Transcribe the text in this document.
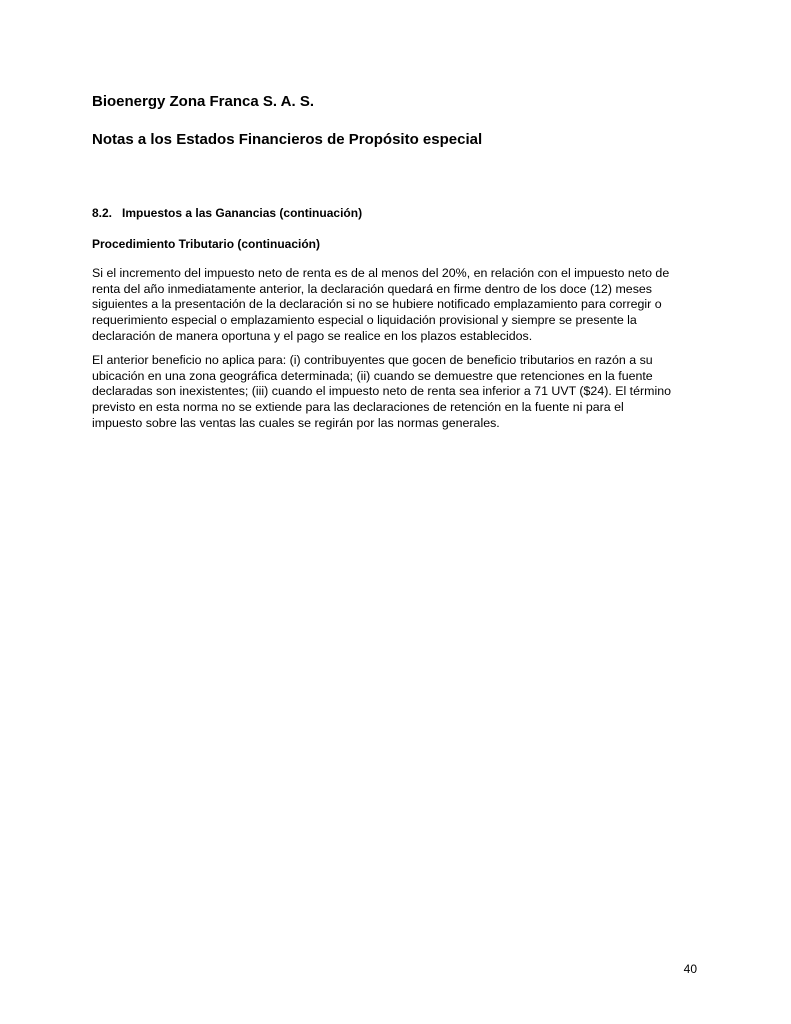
Bioenergy Zona Franca S. A. S.
Notas a los Estados Financieros de Propósito especial
8.2. Impuestos a las Ganancias (continuación)
Procedimiento Tributario (continuación)

Si el incremento del impuesto neto de renta es de al menos del 20%, en relación con el impuesto neto de
renta del año inmediatamente anterior, la declaración quedará en firme dentro de los doce (12) meses
siguientes a la presentación de la declaración si no se hubiere notificado emplazamiento para corregir o
requerimiento especial o emplazamiento especial o liquidación provisional y siempre se presente la
declaración de manera oportuna y el pago se realice en los plazos establecidos.

El anterior beneficio no aplica para: (i) contribuyentes que gocen de beneficio tributarios en razón a su
ubicación en una zona geográfica determinada; (ii) cuando se demuestre que retenciones en la fuente
declaradas son inexistentes; (iii) cuando el impuesto neto de renta sea inferior a 71 UVT ($24). El término
previsto en esta norma no se extiende para las declaraciones de retención en la fuente ni para el
impuesto sobre las ventas las cuales se regirán por las normas generales.

40
